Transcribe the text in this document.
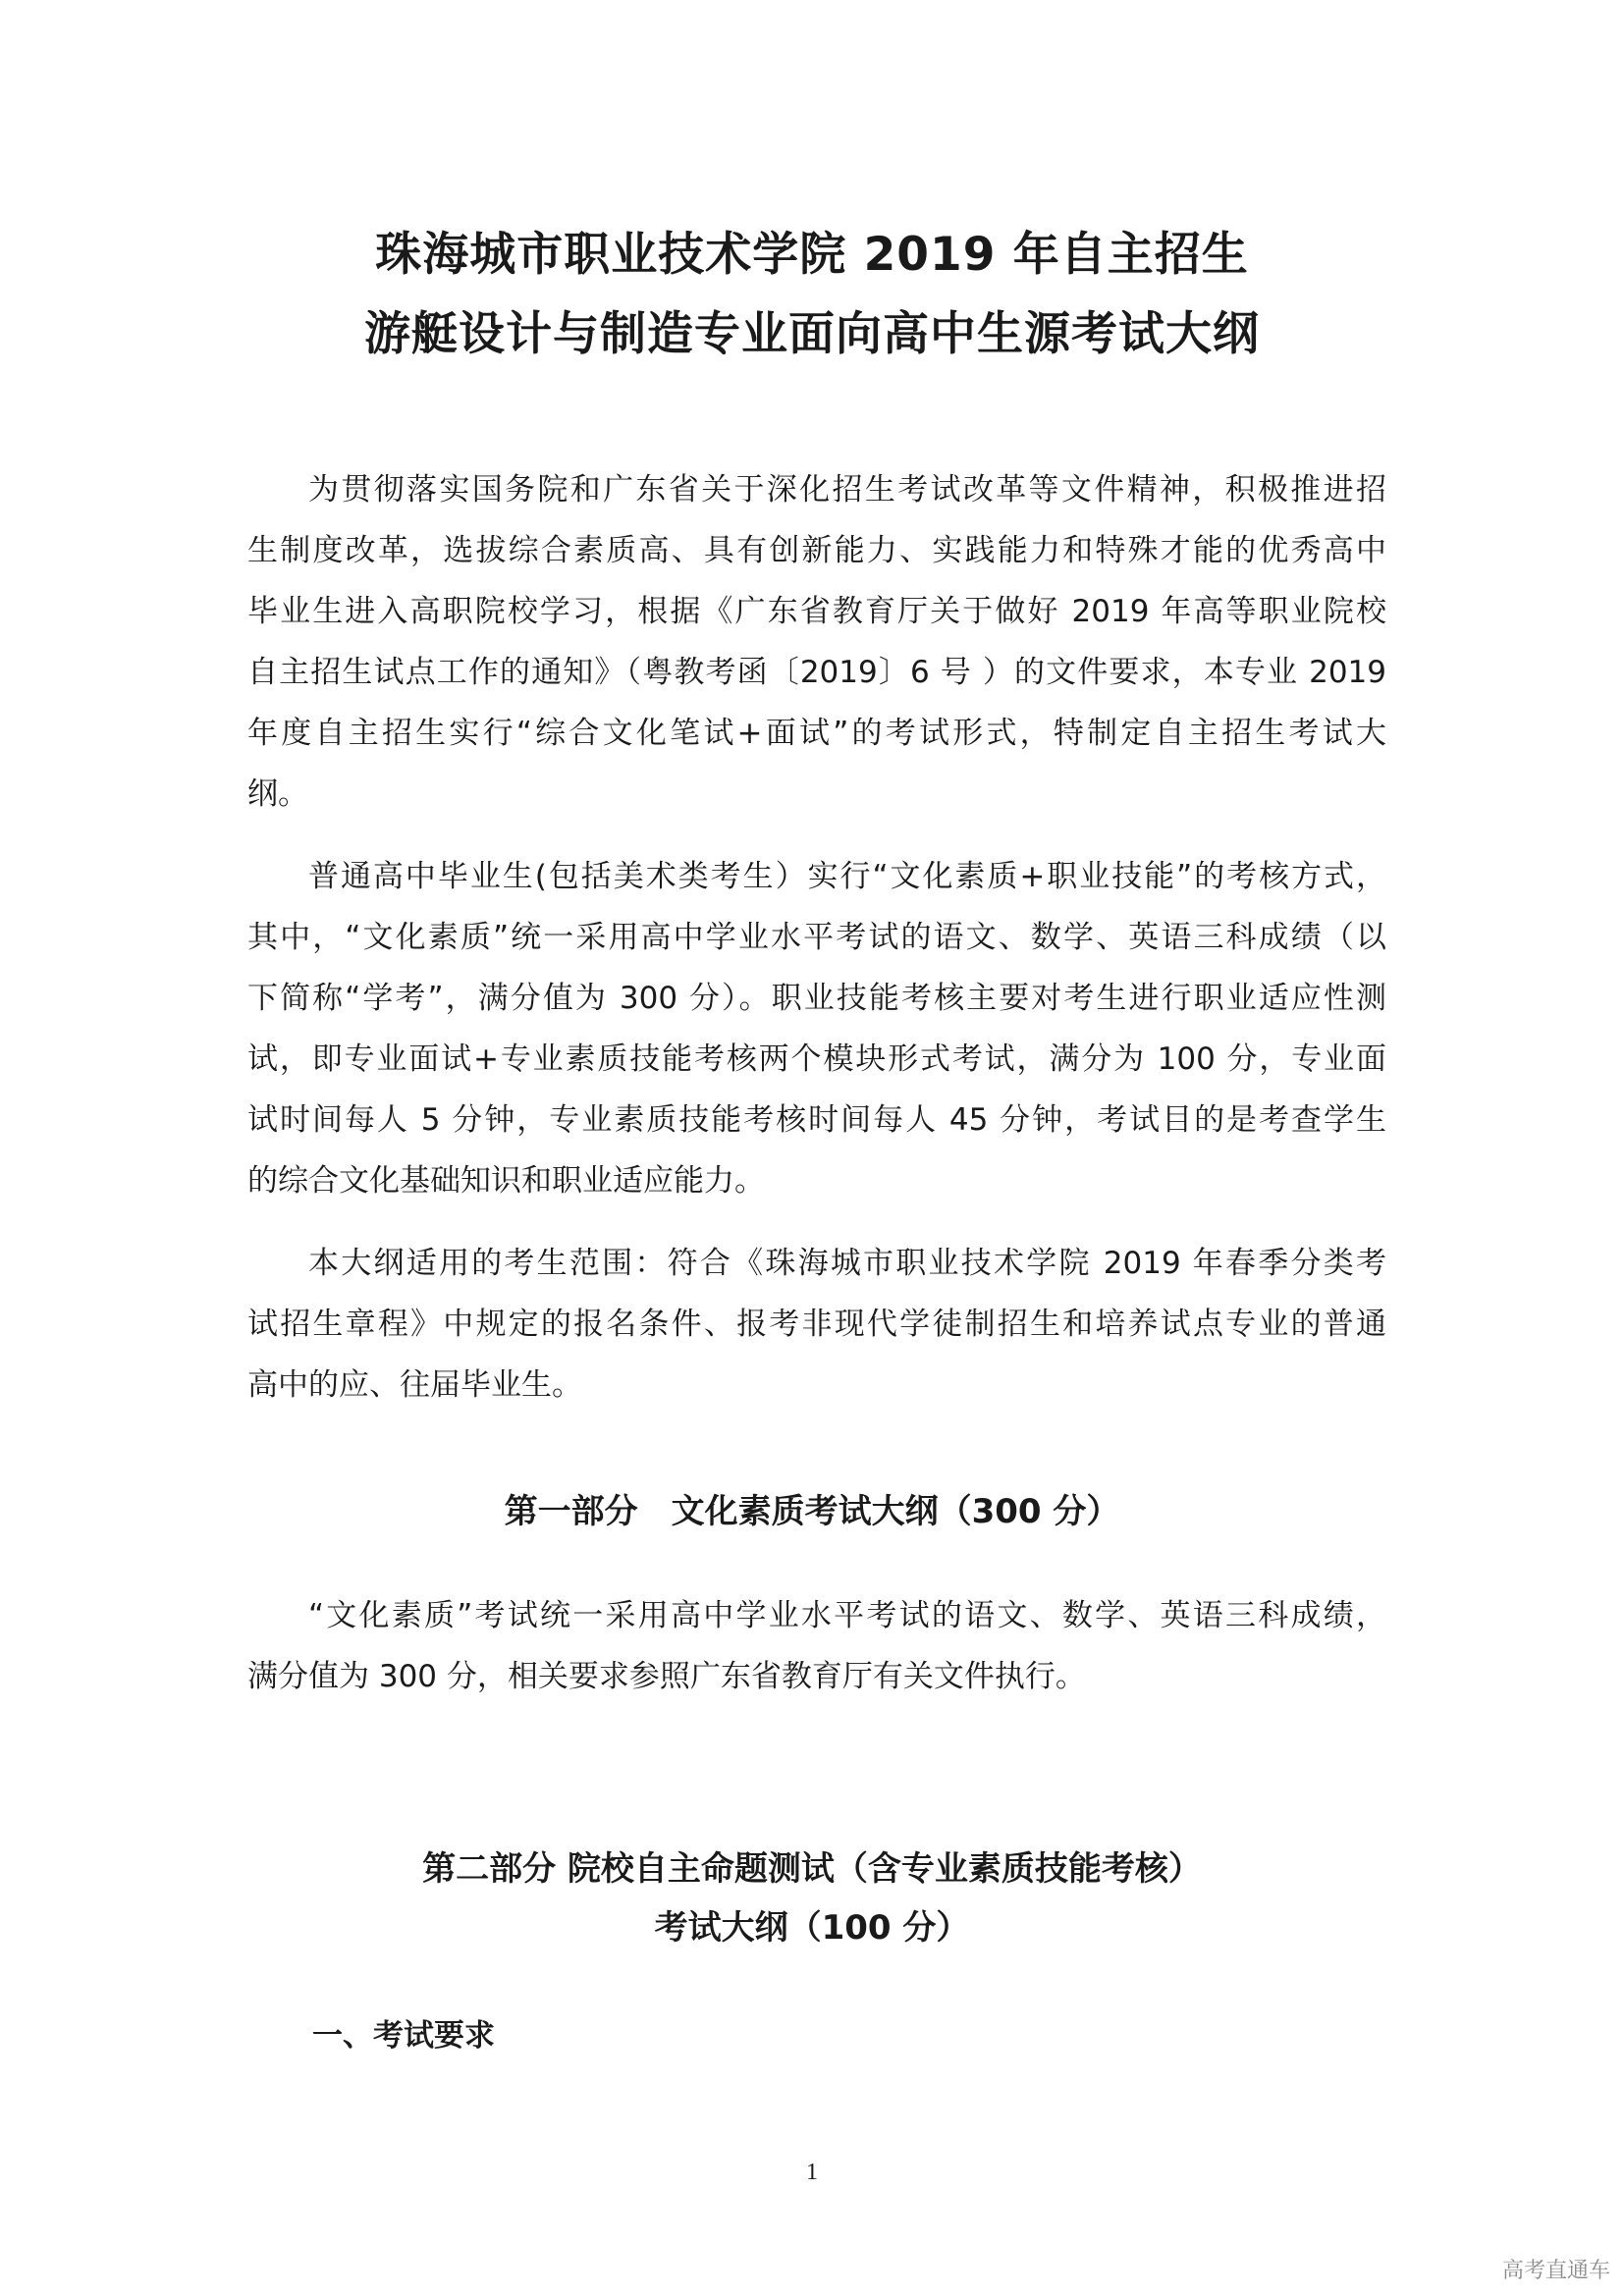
珠海城市职业技术学院 2019 年自主招生
游艇设计与制造专业面向高中生源考试大纲
为贯彻落实国务院和广东省关于深化招生考试改革等文件精神，积极推进招
生制度改革，选拔综合素质高、具有创新能力、实践能力和特殊才能的优秀高中
毕业生进入高职院校学习，根据《广东省教育厅关于做好 2019 年高等职业院校
自主招生试点工作的通知》（粤教考函〔2019〕6 号 ）的文件要求，本专业 2019
年度自主招生实行“综合文化笔试+面试”的考试形式，特制定自主招生考试大
纲。
普通高中毕业生(包括美术类考生）实行“文化素质+职业技能”的考核方式，
其中，“文化素质”统一采用高中学业水平考试的语文、数学、英语三科成绩（以
下简称“学考”，满分值为 300 分）。职业技能考核主要对考生进行职业适应性测
试，即专业面试+专业素质技能考核两个模块形式考试，满分为 100 分，专业面
试时间每人 5 分钟，专业素质技能考核时间每人 45 分钟，考试目的是考查学生
的综合文化基础知识和职业适应能力。
本大纲适用的考生范围：符合《珠海城市职业技术学院 2019 年春季分类考
试招生章程》中规定的报名条件、报考非现代学徒制招生和培养试点专业的普通
高中的应、往届毕业生。
第一部分　文化素质考试大纲（300 分）
“文化素质”考试统一采用高中学业水平考试的语文、数学、英语三科成绩，
满分值为 300 分，相关要求参照广东省教育厅有关文件执行。
第二部分 院校自主命题测试（含专业素质技能考核）
考试大纲（100 分）
一、考试要求
1
高考直通车
